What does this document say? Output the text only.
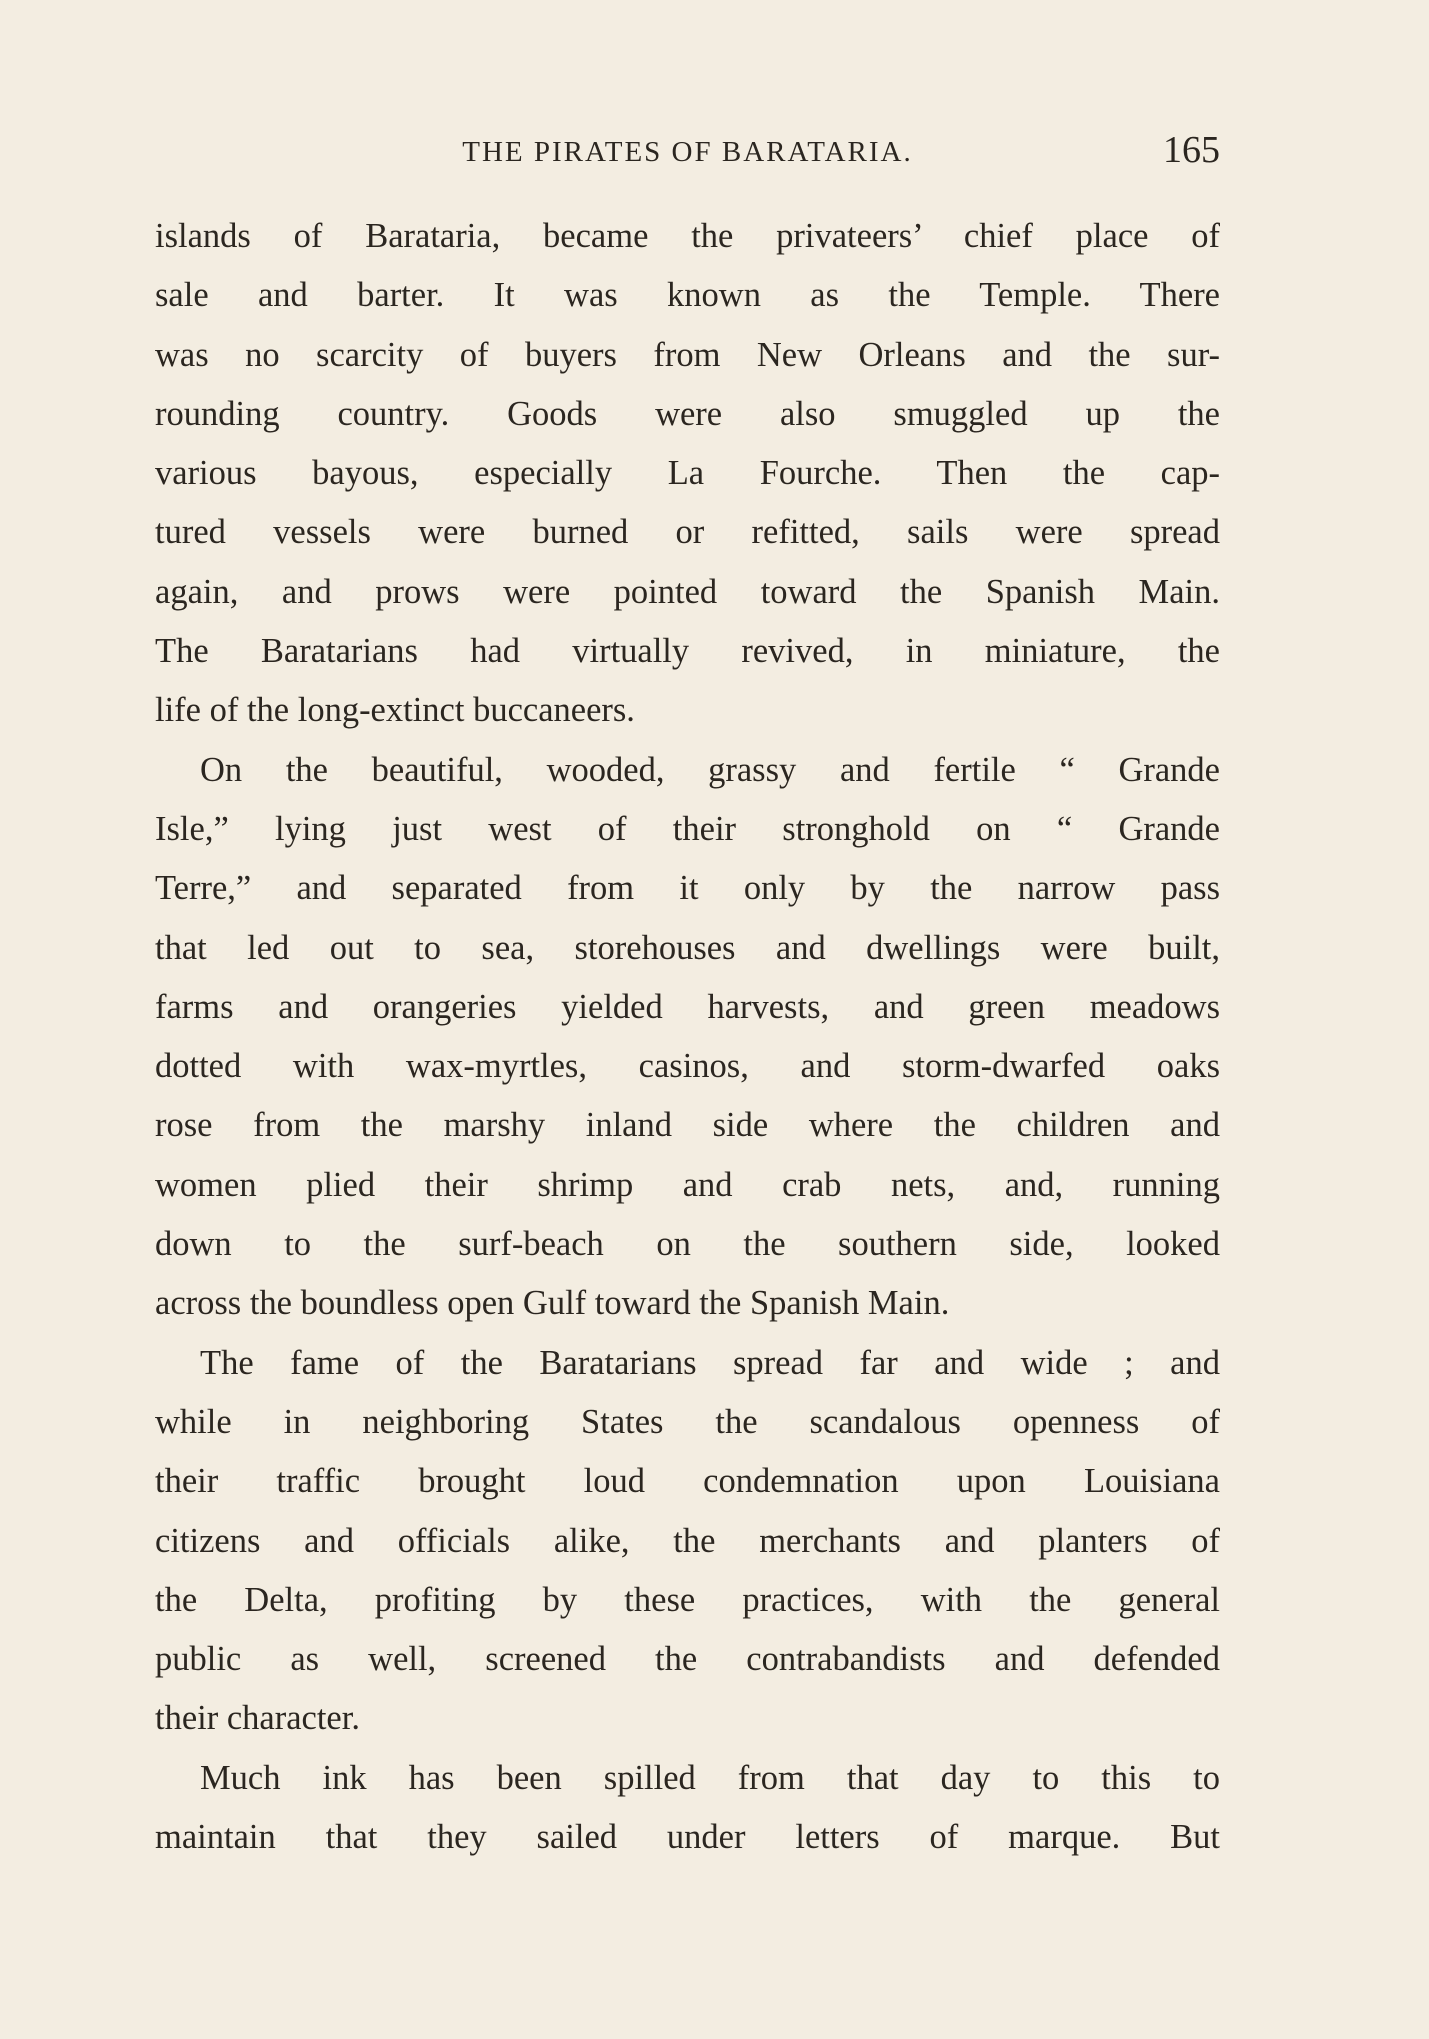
THE PIRATES OF BARATARIA.	165
islands of Barataria, became the privateers’ chief place of
sale and barter. It was known as the Temple. There
was no scarcity of buyers from New Orleans and the sur-
rounding country. Goods were also smuggled up the
various bayous, especially La Fourche. Then the cap-
tured vessels were burned or refitted, sails were spread
again, and prows were pointed toward the Spanish Main.
The Baratarians had virtually revived, in miniature, the
life of the long-extinct buccaneers.
On the beautiful, wooded, grassy and fertile “ Grande
Isle,” lying just west of their stronghold on “ Grande
Terre,” and separated from it only by the narrow pass
that led out to sea, storehouses and dwellings were built,
farms and orangeries yielded harvests, and green meadows
dotted with wax-myrtles, casinos, and storm-dwarfed oaks
rose from the marshy inland side where the children and
women plied their shrimp and crab nets, and, running
down to the surf-beach on the southern side, looked
across the boundless open Gulf toward the Spanish Main.
The fame of the Baratarians spread far and wide ; and
while in neighboring States the scandalous openness of
their traffic brought loud condemnation upon Louisiana
citizens and officials alike, the merchants and planters of
the Delta, profiting by these practices, with the general
public as well, screened the contrabandists and defended
their character.
Much ink has been spilled from that day to this to
maintain that they sailed under letters of marque. But
